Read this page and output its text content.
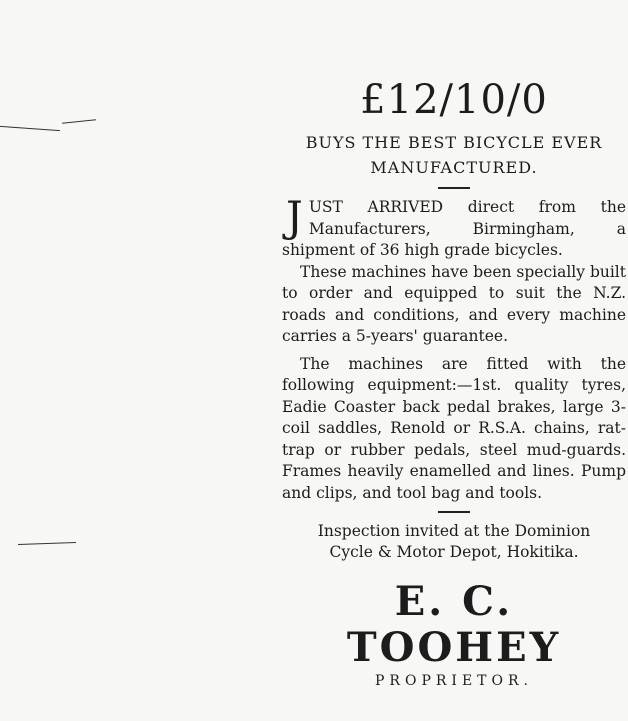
£12/10/0
BUYS THE BEST BICYCLE EVER
MANUFACTURED.

JUST ARRIVED direct from the Manufacturers, Birmingham, a shipment of 36 high grade bicycles.

These machines have been specially built to order and equipped to suit the N.Z. roads and conditions, and every machine carries a 5-years' guarantee.

The machines are fitted with the following equipment:—1st. quality tyres, Eadie Coaster back pedal brakes, large 3-coil saddles, Renold or R.S.A. chains, rat-trap or rubber pedals, steel mud-guards. Frames heavily enamelled and lines. Pump and clips, and tool bag and tools.

Inspection invited at the Dominion
Cycle & Motor Depot, Hokitika.
E. C. TOOHEY
PROPRIETOR.
